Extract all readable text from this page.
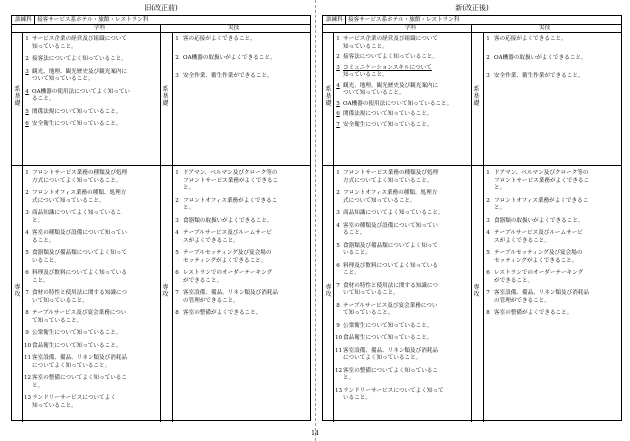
旧(改正前)
訓練科 接客サービス系ホテル・旅館・レストラン科
学科	実技
系基礎
系基礎
専攻
専攻
1 サービス企業の経営及び組織について
知っていること。
2 接客法についてよく知っていること。
3 観光、地理、観光歴史及び観光案内に
ついて知っていること。
4 OA機器の使用法についてよく知ってい
ること。
5 関係法規について知っていること。
6 安全衛生について知っていること。
1 客の応接がよくできること。
2 OA機器の取扱いがよくできること。
3 安全作業、衛生作業ができること。
1 フロントサービス業務の種類及び処理
方式についてよく知っていること。
2 フロントオフィス業務の種類、処理方
式について知っていること。
3 商品知識についてよく知っているこ
と。
4 客室の種類及び設備について知ってい
ること。
5 食器類及び備品類についてよく知って
いること。
6 料理及び飲料についてよく知っている
こと。
7 食材の特性と使用法に関する知識につ
いて知っていること。
8 テーブルサービス及び宴会業務につい
て知っていること。
9 公衆衛生について知っていること。
10 食品衛生について知っていること。
11 客室設備、備品、リネン類及び消耗品
についてよく知っていること。
12 客室の整備についてよく知っているこ
と。
13 ランドリーサービスについてよく
知っていること。
1 ドアマン、ベルマン及びクローク等の
フロントサービス業務がよくできるこ
と。
2 フロントオフィス業務がよくできるこ
と。
3 食器類の取扱いがよくできること。
4 テーブルサービス及びルームサービ
スがよくできること。
5 テーブルセッティング及び宴会場の
セッティングがよくできること。
6 レストランでのオーダーテーキング
ができること。
7 客室設備、備品、リネン類及び消耗品
の管理ができること。
8 客室の整備がよくできること。
新(改正後)
訓練科 接客サービス系ホテル・旅館・レストラン科
学科	実技
系基礎
系基礎
専攻
専攻
1 サービス企業の経営及び組織について
知っていること。
2 接客法についてよく知っていること。
3 コミュニケーションスキルについて
知っていること。
4 観光、地理、観光歴史及び観光案内に
ついて知っていること。
5 OA機器の使用法について知っていること。
6 関係法規について知っていること。
7 安全衛生について知っていること。
1 客の応接がよくできること。
2 OA機器の取扱いがよくできること。
3 安全作業、衛生作業ができること。
1 フロントサービス業務の種類及び処理
方式についてよく知っていること。
2 フロントオフィス業務の種類、処理方
式について知っていること。
3 商品知識についてよく知っていること。
4 客室の種類及び設備について知ってい
ること。
5 食器類及び備品類についてよく知って
いること。
6 料理及び飲料についてよく知っている
こと。
7 食材の特性と使用法に関する知識につ
いて知っていること。
8 テーブルサービス及び宴会業務につい
て知っていること。
9 公衆衛生について知っていること。
10 食品衛生について知っていること。
11 客室設備、備品、リネン類及び消耗品
についてよく知っていること。
12 客室の整備についてよく知っているこ
と。
13 ランドリーサービスについてよく知って
いること。
1 ドアマン、ベルマン及びクローク等の
フロントサービス業務がよくできるこ
と。
2 フロントオフィス業務がよくできるこ
と。
3 食器類の取扱いがよくできること。
4 テーブルサービス及びルームサービ
スがよくできること。
5 テーブルセッティング及び宴会場の
セッティングがよくできること。
6 レストランでのオーダーテーキング
ができること。
7 客室設備、備品、リネン類及び消耗品
の管理ができること。
8 客室の整備がよくできること。
14
